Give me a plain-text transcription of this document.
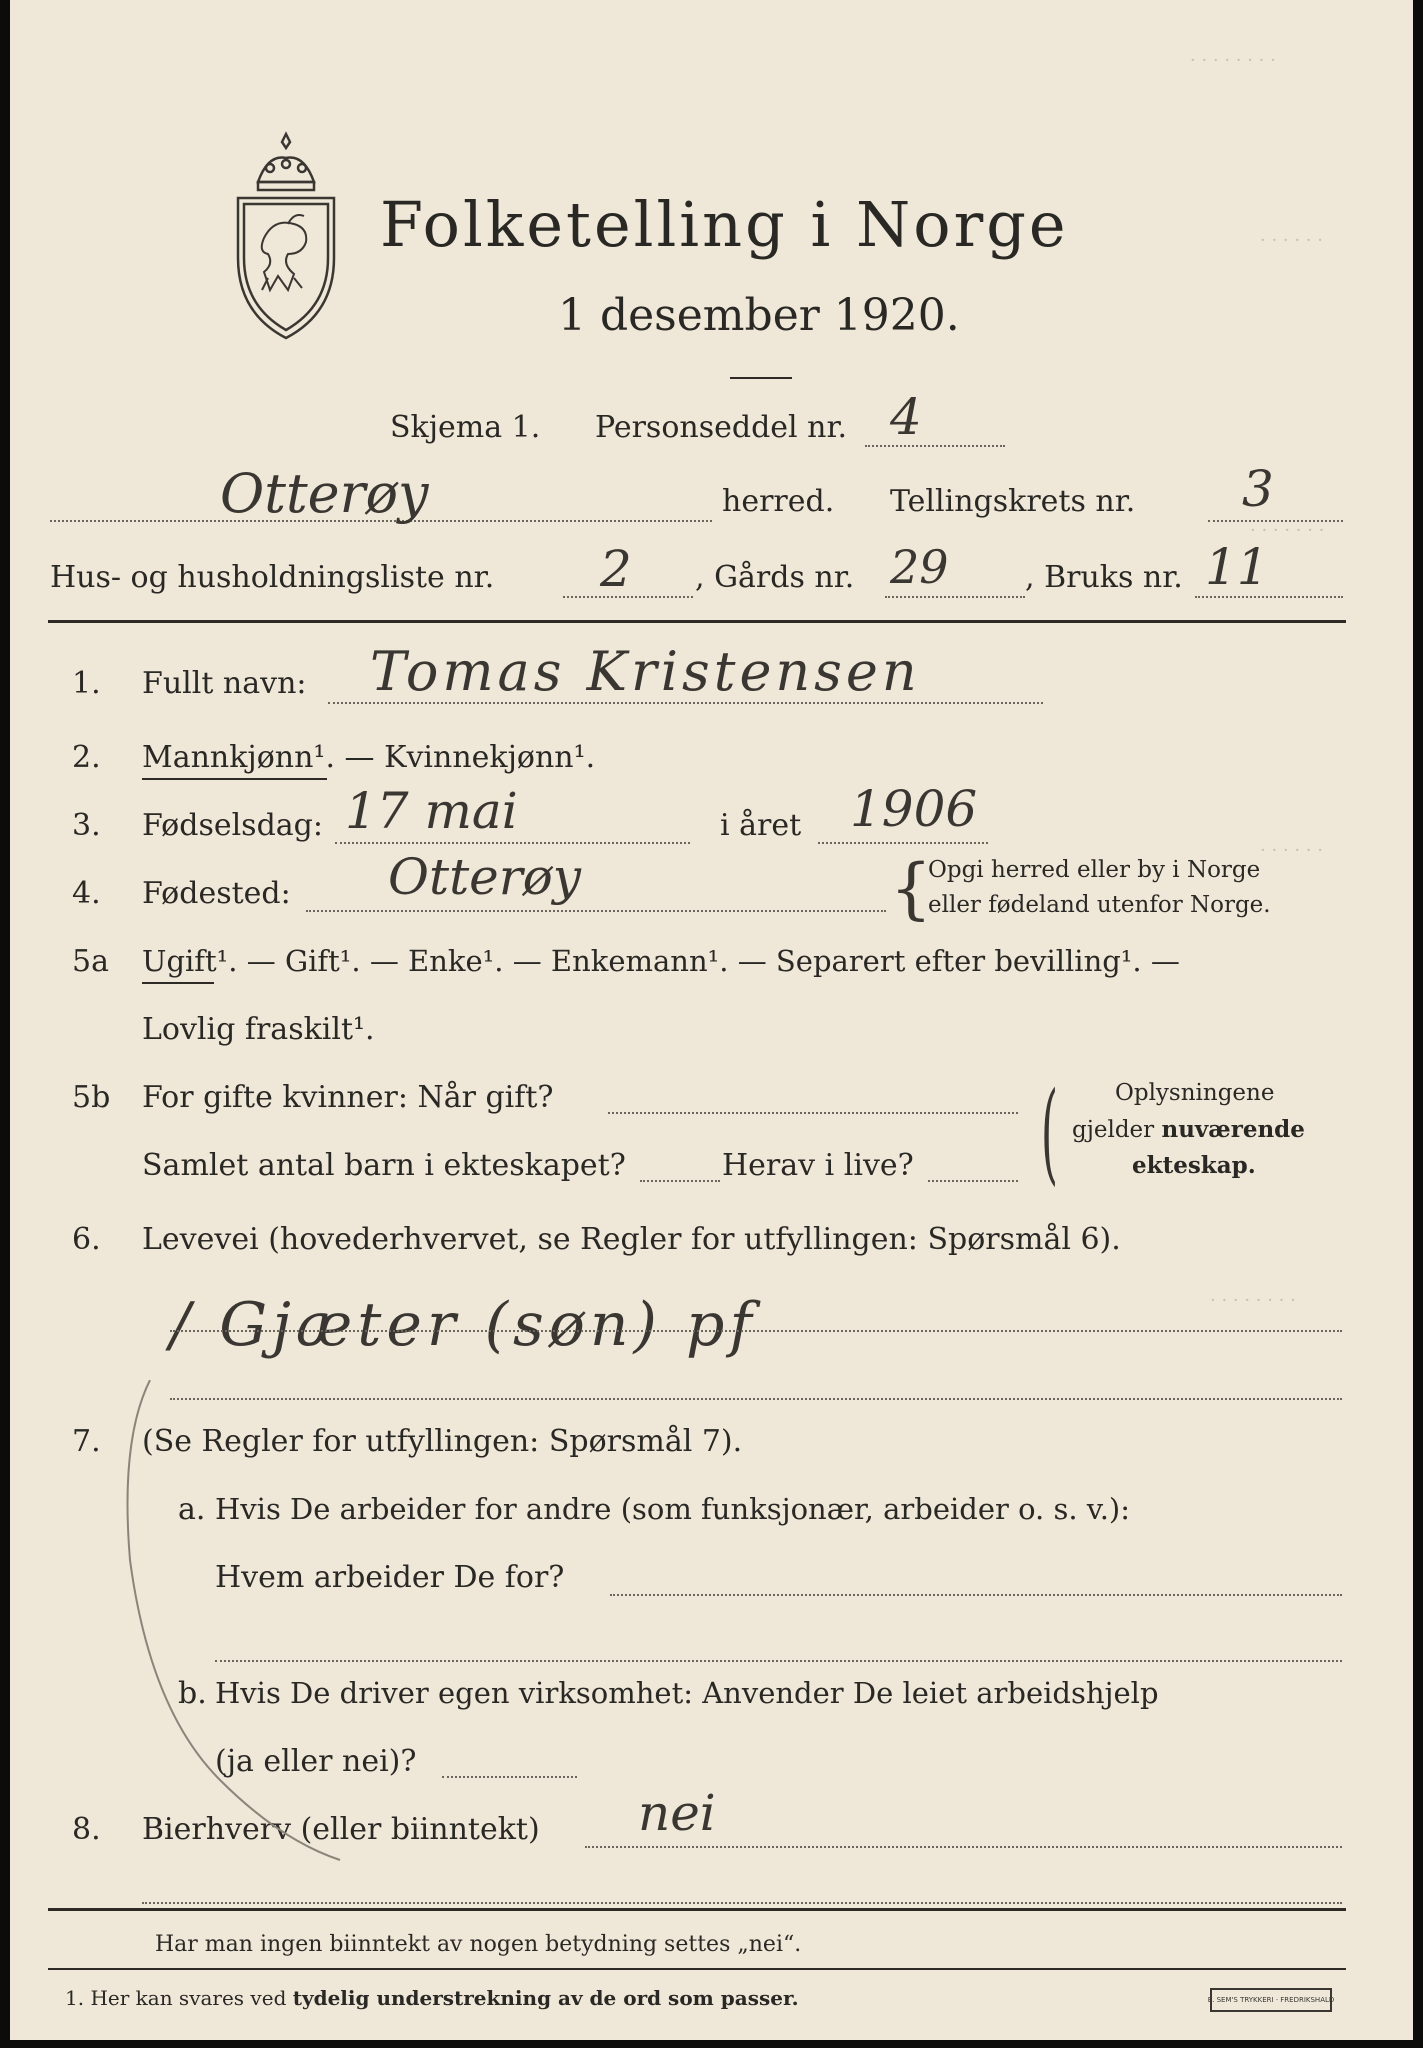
· · · · · · · ·
· · · · · ·
· · · · · · ·
· · · · · ·
· · · · · · · ·
Folketelling i Norge
1 desember 1920.
Skjema 1. Personseddel nr. 4
Otterøy	herred. Tellingskrets nr. 3
Hus- og husholdningsliste nr. 2 , Gårds nr. 29	, Bruks nr. 11
1. Fullt navn: Tomas Kristensen
2. Mannkjønn¹. — Kvinnekjønn¹.
3. Fødselsdag: 17 mai	i året 1906
4. Fødested: Otterøy	{
Opgi herred eller by i Norge
eller fødeland utenfor Norge.
5a Ugift¹. — Gift¹. — Enke¹. — Enkemann¹. — Separert efter bevilling¹. —
Lovlig fraskilt¹.
5b For gifte kvinner: Når gift?
Samlet antal barn i ekteskapet?	Herav i live? ( Oplysningene
gjelder nuværende
ekteskap.
6. Levevei (hovederhvervet, se Regler for utfyllingen: Spørsmål 6).
/ Gjæter (søn) pf
7. (Se Regler for utfyllingen: Spørsmål 7).
a. Hvis De arbeider for andre (som funksjonær, arbeider o. s. v.):
Hvem arbeider De for?
b. Hvis De driver egen virksomhet: Anvender De leiet arbeidshjelp
(ja eller nei)?
8. Bierhverv (eller biinntekt) nei
Har man ingen biinntekt av nogen betydning settes „nei“.
1. Her kan svares ved tydelig understrekning av de ord som passer.	E. SEM'S TRYKKERI · FREDRIKSHALD
